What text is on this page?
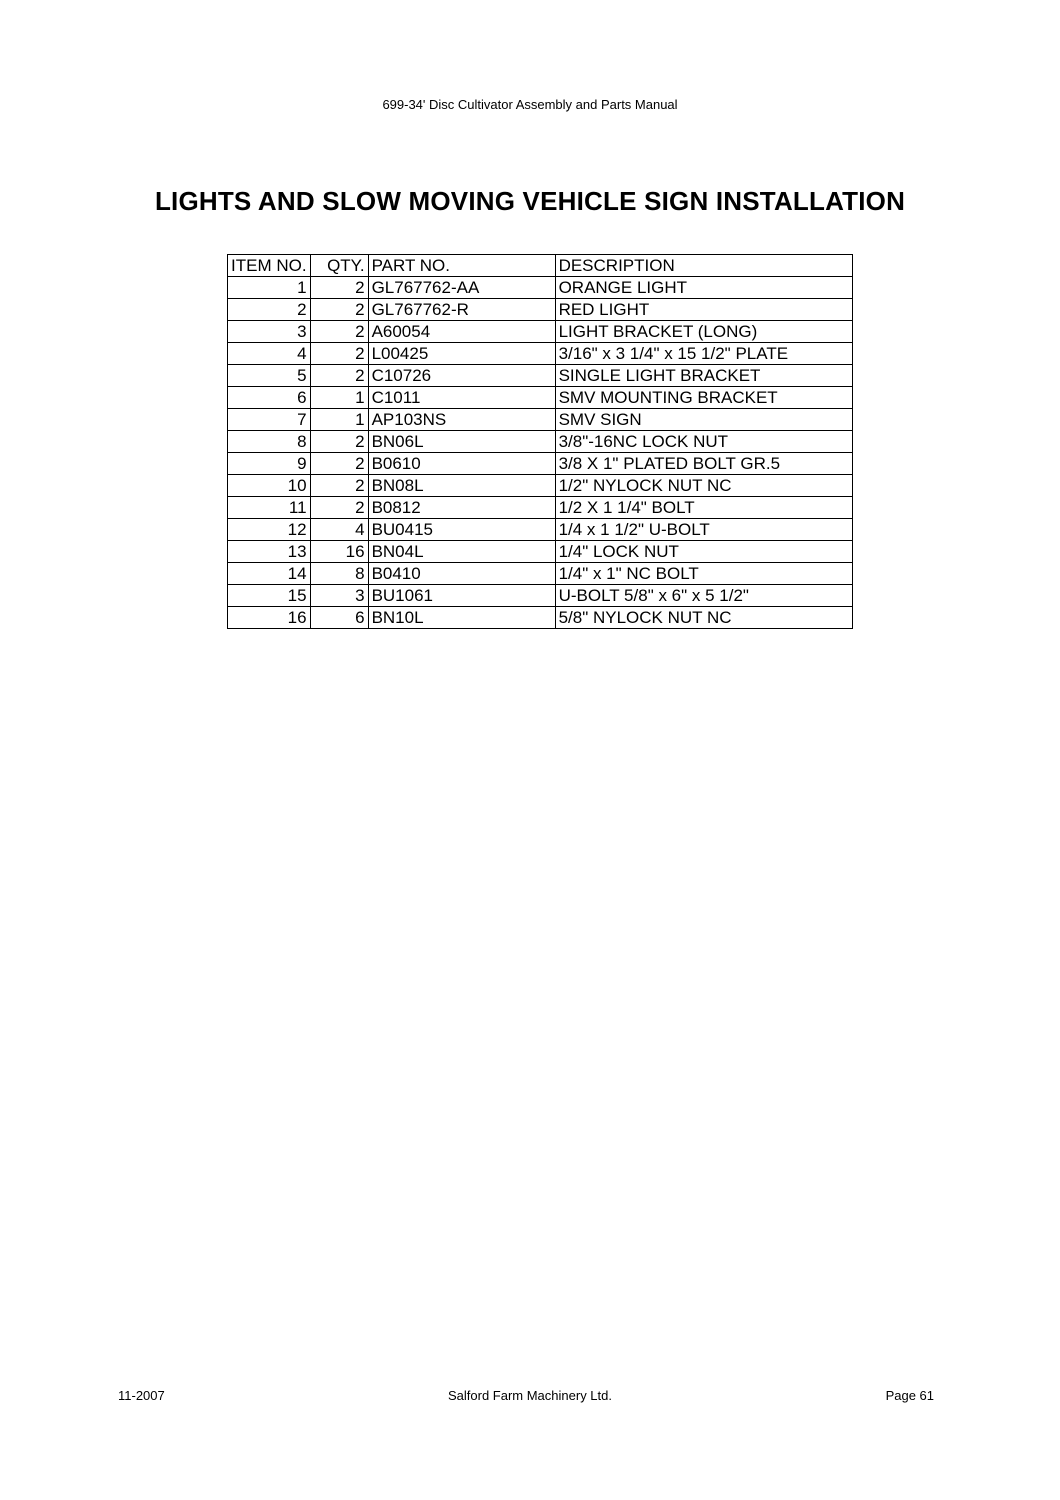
699-34' Disc Cultivator Assembly and Parts Manual
LIGHTS AND SLOW MOVING VEHICLE SIGN INSTALLATION
ITEM NO.	QTY.	PART NO.	DESCRIPTION
1	2	GL767762-AA	ORANGE LIGHT
2	2	GL767762-R	RED LIGHT
3	2	A60054	LIGHT BRACKET (LONG)
4	2	L00425	3/16" x 3 1/4" x 15 1/2" PLATE
5	2	C10726	SINGLE LIGHT BRACKET
6	1	C1011	SMV MOUNTING BRACKET
7	1	AP103NS	SMV SIGN
8	2	BN06L	3/8"-16NC LOCK NUT
9	2	B0610	3/8 X 1" PLATED BOLT GR.5
10	2	BN08L	1/2" NYLOCK NUT NC
11	2	B0812	1/2 X 1 1/4" BOLT
12	4	BU0415	1/4 x 1 1/2" U-BOLT
13	16	BN04L	1/4" LOCK NUT
14	8	B0410	1/4" x 1" NC BOLT
15	3	BU1061	U-BOLT 5/8" x 6" x 5 1/2"
16	6	BN10L	5/8" NYLOCK NUT NC
11-2007	Salford Farm Machinery Ltd.	Page 61
